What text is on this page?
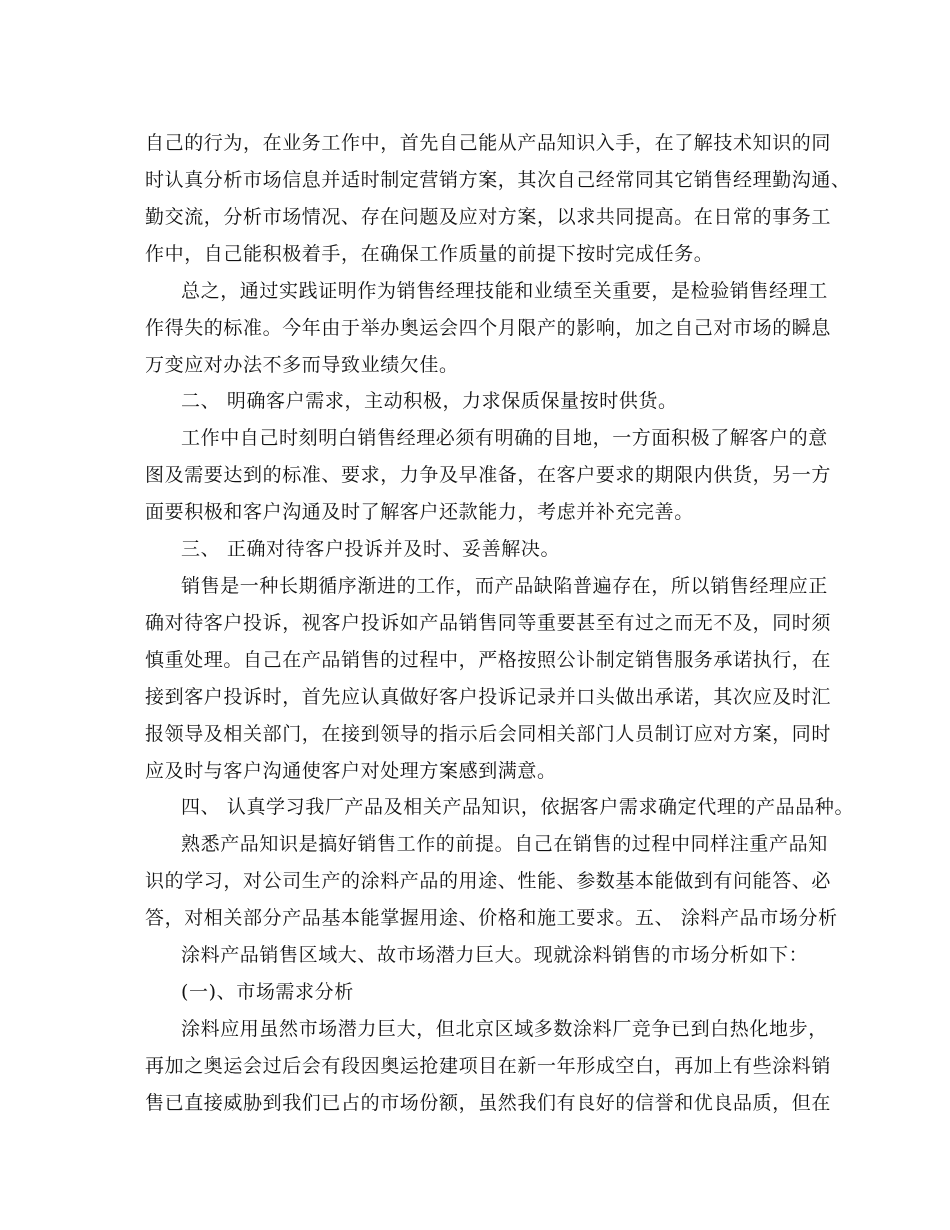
自己的行为，在业务工作中，首先自己能从产品知识入手，在了解技术知识的同
时认真分析市场信息并适时制定营销方案，其次自己经常同其它销售经理勤沟通、
勤交流，分析市场情况、存在问题及应对方案，以求共同提高。在日常的事务工
作中，自己能积极着手，在确保工作质量的前提下按时完成任务。
总之，通过实践证明作为销售经理技能和业绩至关重要，是检验销售经理工
作得失的标准。今年由于举办奥运会四个月限产的影响，加之自己对市场的瞬息
万变应对办法不多而导致业绩欠佳。
二、 明确客户需求，主动积极，力求保质保量按时供货。
工作中自己时刻明白销售经理必须有明确的目地，一方面积极了解客户的意
图及需要达到的标准、要求，力争及早准备，在客户要求的期限内供货，另一方
面要积极和客户沟通及时了解客户还款能力，考虑并补充完善。
三、 正确对待客户投诉并及时、妥善解决。
销售是一种长期循序渐进的工作，而产品缺陷普遍存在，所以销售经理应正
确对待客户投诉，视客户投诉如产品销售同等重要甚至有过之而无不及，同时须
慎重处理。自己在产品销售的过程中，严格按照公讣制定销售服务承诺执行，在
接到客户投诉时，首先应认真做好客户投诉记录并口头做出承诺，其次应及时汇
报领导及相关部门，在接到领导的指示后会同相关部门人员制订应对方案，同时
应及时与客户沟通使客户对处理方案感到满意。
四、 认真学习我厂产品及相关产品知识，依据客户需求确定代理的产品品种。
熟悉产品知识是搞好销售工作的前提。自己在销售的过程中同样注重产品知
识的学习，对公司生产的涂料产品的用途、性能、参数基本能做到有问能答、必
答，对相关部分产品基本能掌握用途、价格和施工要求。五、 涂料产品市场分析
涂料产品销售区域大、故市场潜力巨大。现就涂料销售的市场分析如下：
(一)、市场需求分析
涂料应用虽然市场潜力巨大，但北京区域多数涂料厂竞争已到白热化地步，
再加之奥运会过后会有段因奥运抢建项目在新一年形成空白，再加上有些涂料销
售已直接威胁到我们已占的市场份额，虽然我们有良好的信誉和优良品质，但在
